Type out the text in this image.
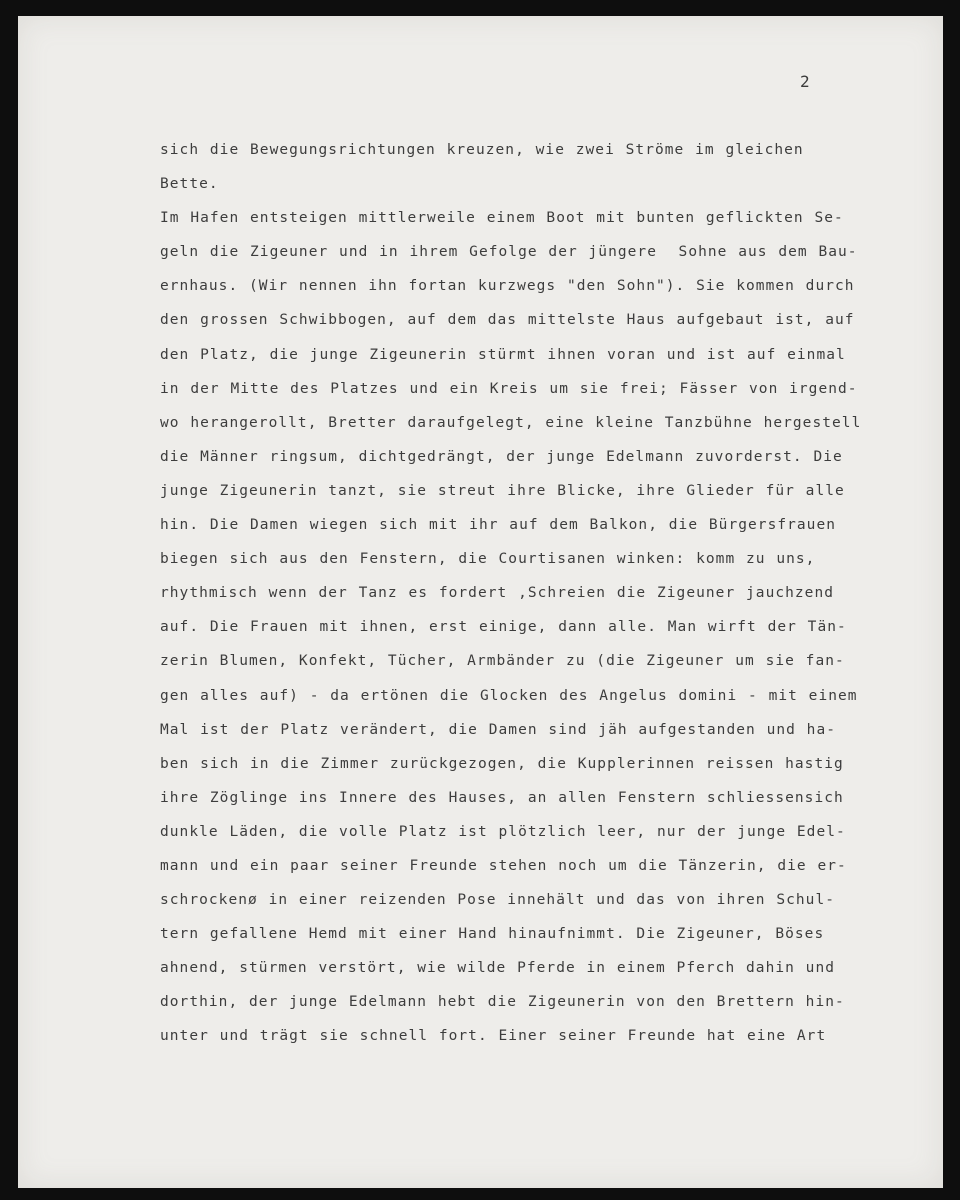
2
sich die Bewegungsrichtungen kreuzen, wie zwei Ströme im gleichen
Bette.
Im Hafen entsteigen mittlerweile einem Boot mit bunten geflickten Se-
geln die Zigeuner und in ihrem Gefolge der jüngere  Sohne aus dem Bau-
ernhaus. (Wir nennen ihn fortan kurzwegs "den Sohn"). Sie kommen durch
den grossen Schwibbogen, auf dem das mittelste Haus aufgebaut ist, auf
den Platz, die junge Zigeunerin stürmt ihnen voran und ist auf einmal
in der Mitte des Platzes und ein Kreis um sie frei; Fässer von irgend-
wo herangerollt, Bretter daraufgelegt, eine kleine Tanzbühne hergestell
die Männer ringsum, dichtgedrängt, der junge Edelmann zuvorderst. Die
junge Zigeunerin tanzt, sie streut ihre Blicke, ihre Glieder für alle
hin. Die Damen wiegen sich mit ihr auf dem Balkon, die Bürgersfrauen
biegen sich aus den Fenstern, die Courtisanen winken: komm zu uns,
rhythmisch wenn der Tanz es fordert ,Schreien die Zigeuner jauchzend
auf. Die Frauen mit ihnen, erst einige, dann alle. Man wirft der Tän-
zerin Blumen, Konfekt, Tücher, Armbänder zu (die Zigeuner um sie fan-
gen alles auf) - da ertönen die Glocken des Angelus domini - mit einem
Mal ist der Platz verändert, die Damen sind jäh aufgestanden und ha-
ben sich in die Zimmer zurückgezogen, die Kupplerinnen reissen hastig
ihre Zöglinge ins Innere des Hauses, an allen Fenstern schliessensich
dunkle Läden, die volle Platz ist plötzlich leer, nur der junge Edel-
mann und ein paar seiner Freunde stehen noch um die Tänzerin, die er-
schrockenø in einer reizenden Pose innehält und das von ihren Schul-
tern gefallene Hemd mit einer Hand hinaufnimmt. Die Zigeuner, Böses
ahnend, stürmen verstört, wie wilde Pferde in einem Pferch dahin und
dorthin, der junge Edelmann hebt die Zigeunerin von den Brettern hin-
unter und trägt sie schnell fort. Einer seiner Freunde hat eine Art
